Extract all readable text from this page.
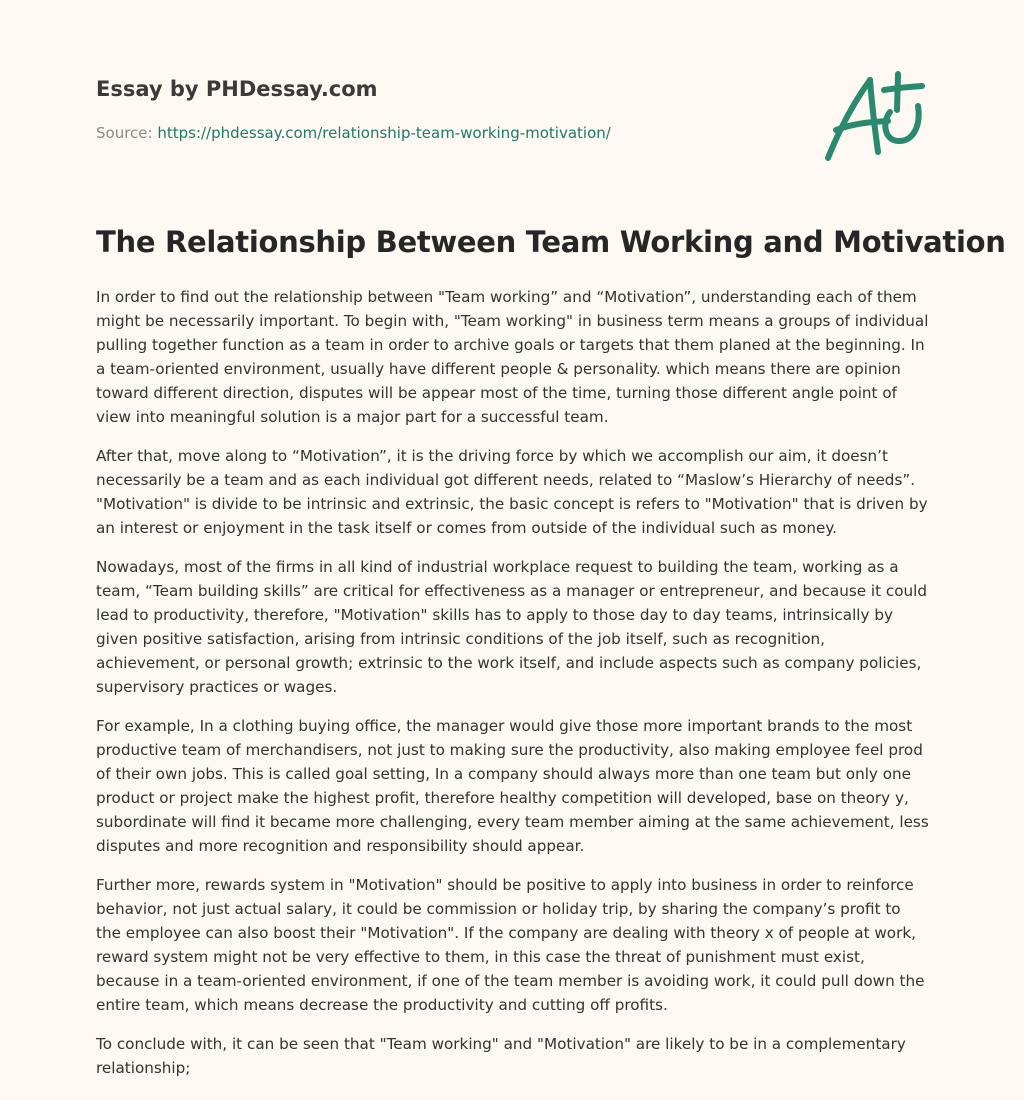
Essay by PHDessay.com

Source: https://phdessay.com/relationship-team-working-motivation/

The Relationship Between Team Working and Motivation

In order to find out the relationship between "Team working” and “Motivation”, understanding each of them might be necessarily important. To begin with, "Team working" in business term means a groups of individual pulling together function as a team in order to archive goals or targets that them planed at the beginning. In a team-oriented environment, usually have different people & personality. which means there are opinion toward different direction, disputes will be appear most of the time, turning those different angle point of view into meaningful solution is a major part for a successful team.

After that, move along to “Motivation”, it is the driving force by which we accomplish our aim, it doesn’t necessarily be a team and as each individual got different needs, related to “Maslow’s Hierarchy of needs”. "Motivation" is divide to be intrinsic and extrinsic, the basic concept is refers to "Motivation" that is driven by an interest or enjoyment in the task itself or comes from outside of the individual such as money.

Nowadays, most of the firms in all kind of industrial workplace request to building the team, working as a team, “Team building skills” are critical for effectiveness as a manager or entrepreneur, and because it could lead to productivity, therefore, "Motivation" skills has to apply to those day to day teams, intrinsically by given positive satisfaction, arising from intrinsic conditions of the job itself, such as recognition, achievement, or personal growth; extrinsic to the work itself, and include aspects such as company policies, supervisory practices or wages.

For example, In a clothing buying office, the manager would give those more important brands to the most productive team of merchandisers, not just to making sure the productivity, also making employee feel prod of their own jobs. This is called goal setting, In a company should always more than one team but only one product or project make the highest profit, therefore healthy competition will developed, base on theory y, subordinate will find it became more challenging, every team member aiming at the same achievement, less disputes and more recognition and responsibility should appear.

Further more, rewards system in "Motivation" should be positive to apply into business in order to reinforce behavior, not just actual salary, it could be commission or holiday trip, by sharing the company’s profit to the employee can also boost their "Motivation". If the company are dealing with theory x of people at work, reward system might not be very effective to them, in this case the threat of punishment must exist, because in a team-oriented environment, if one of the team member is avoiding work, it could pull down the entire team, which means decrease the productivity and cutting off profits.

To conclude with, it can be seen that "Team working" and "Motivation" are likely to be in a complementary relationship;
